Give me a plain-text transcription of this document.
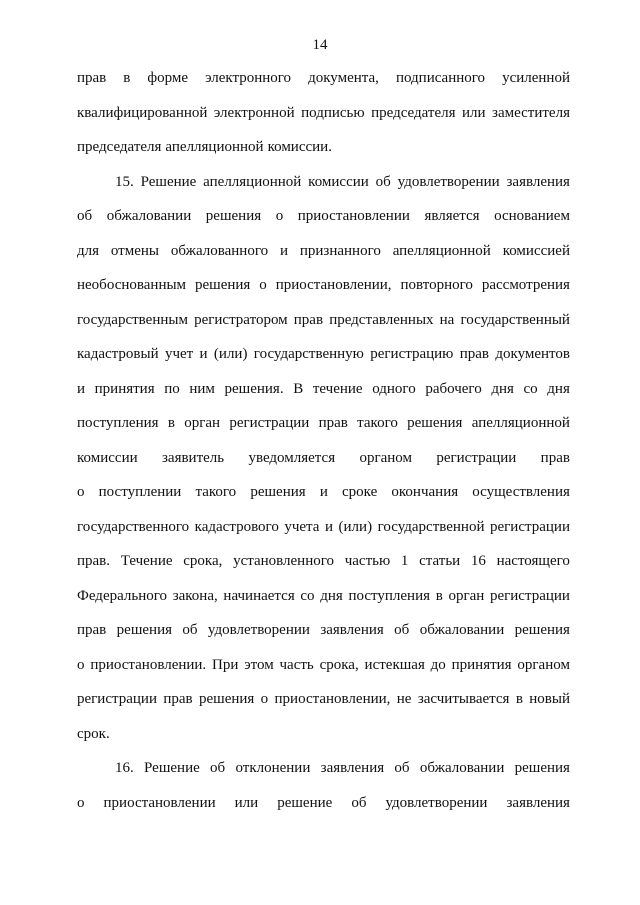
14
прав в форме электронного документа, подписанного усиленной
квалифицированной электронной подписью председателя или заместителя
председателя апелляционной комиссии.
15. Решение апелляционной комиссии об удовлетворении заявления
об обжаловании решения о приостановлении является основанием
для отмены обжалованного и признанного апелляционной комиссией
необоснованным решения о приостановлении, повторного рассмотрения
государственным регистратором прав представленных на государственный
кадастровый учет и (или) государственную регистрацию прав документов
и принятия по ним решения. В течение одного рабочего дня со дня
поступления в орган регистрации прав такого решения апелляционной
комиссии заявитель уведомляется органом регистрации прав
о поступлении такого решения и сроке окончания осуществления
государственного кадастрового учета и (или) государственной регистрации
прав. Течение срока, установленного частью 1 статьи 16 настоящего
Федерального закона, начинается со дня поступления в орган регистрации
прав решения об удовлетворении заявления об обжаловании решения
о приостановлении. При этом часть срока, истекшая до принятия органом
регистрации прав решения о приостановлении, не засчитывается в новый
срок.
16. Решение об отклонении заявления об обжаловании решения
о приостановлении или решение об удовлетворении заявления
